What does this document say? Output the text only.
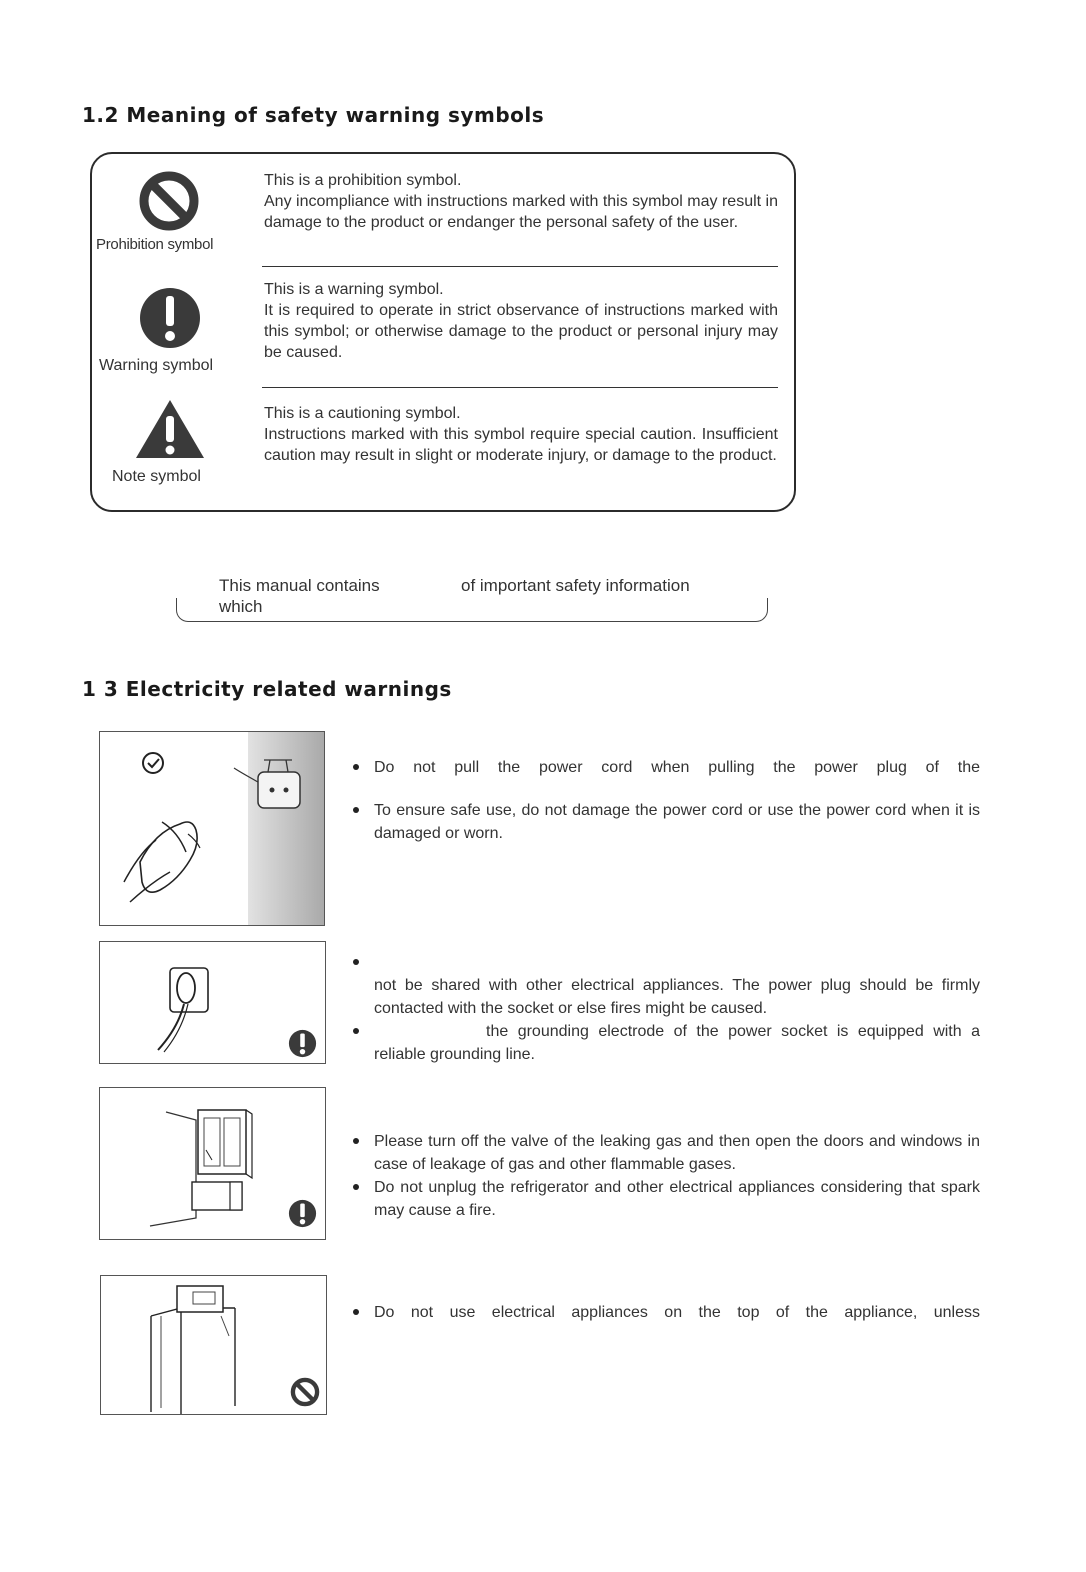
1.2 Meaning of safety warning symbols
Prohibition symbol

This is a prohibition symbol.

Any incompliance with instructions marked with this symbol may result in damage to the product or endanger the personal safety of the user.

Warning symbol

This is a warning symbol.

It is required to operate in strict observance of instructions marked with this symbol; or otherwise damage to the product or personal injury may be caused.

Note symbol

This is a cautioning symbol.

Instructions marked with this symbol require special caution. Insufficient caution may result in slight or moderate injury, or damage to the product.

This manual contains	of important safety information
which
1 3 Electricity related warnings
Do not pull the power cord when pulling the power plug of the
To ensure safe use, do not damage the power cord or use the power cord when it is damaged or worn.
not be shared with other electrical appliances. The power plug should be firmly contacted with the socket or else fires might be caused.
the grounding electrode of the power socket is equipped with a reliable grounding line.
Please turn off the valve of the leaking gas and then open the doors and windows in case of leakage of gas and other flammable gases.
Do not unplug the refrigerator and other electrical appliances considering that spark may cause a fire.
Do not use electrical appliances on the top of the appliance, unless
